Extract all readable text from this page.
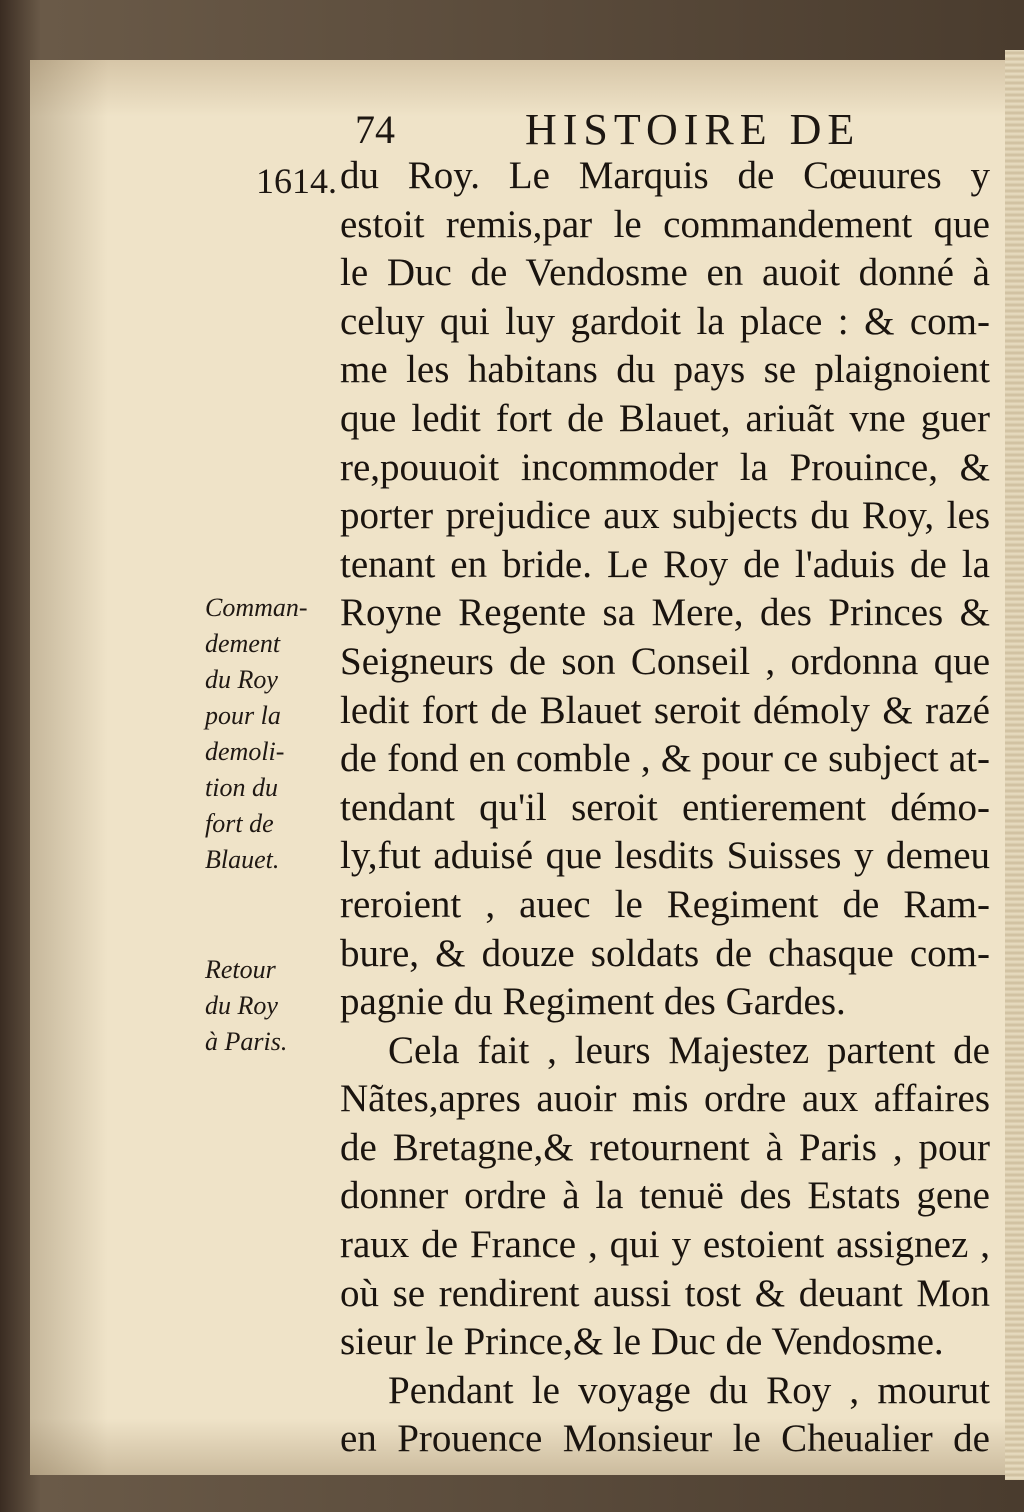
74	HISTOIRE DE
1614.
Comman-
dement
du Roy
pour la
demoli-
tion du
fort de
Blauet.
Retour
du Roy
à Paris.
du Roy. Le Marquis de Cœuures y
estoit remis,par le commandement que
le Duc de Vendosme en auoit donné à
celuy qui luy gardoit la place : & com-
me les habitans du pays se plaignoient
que ledit fort de Blauet, ariuãt vne guer
re,pouuoit incommoder la Prouince, &
porter prejudice aux subjects du Roy, les
tenant en bride. Le Roy de l'aduis de la
Royne Regente sa Mere, des Princes &
Seigneurs de son Conseil , ordonna que
ledit fort de Blauet seroit démoly & razé
de fond en comble , & pour ce subject at-
tendant qu'il seroit entierement démo-
ly,fut aduisé que lesdits Suisses y demeu
reroient , auec le Regiment de Ram-
bure, & douze soldats de chasque com-
pagnie du Regiment des Gardes.
Cela fait , leurs Majestez partent de
Nãtes,apres auoir mis ordre aux affaires
de Bretagne,& retournent à Paris , pour
donner ordre à la tenuë des Estats gene
raux de France , qui y estoient assignez ,
où se rendirent aussi tost & deuant Mon
sieur le Prince,& le Duc de Vendosme.
Pendant le voyage du Roy , mourut
en Prouence Monsieur le Cheualier de
